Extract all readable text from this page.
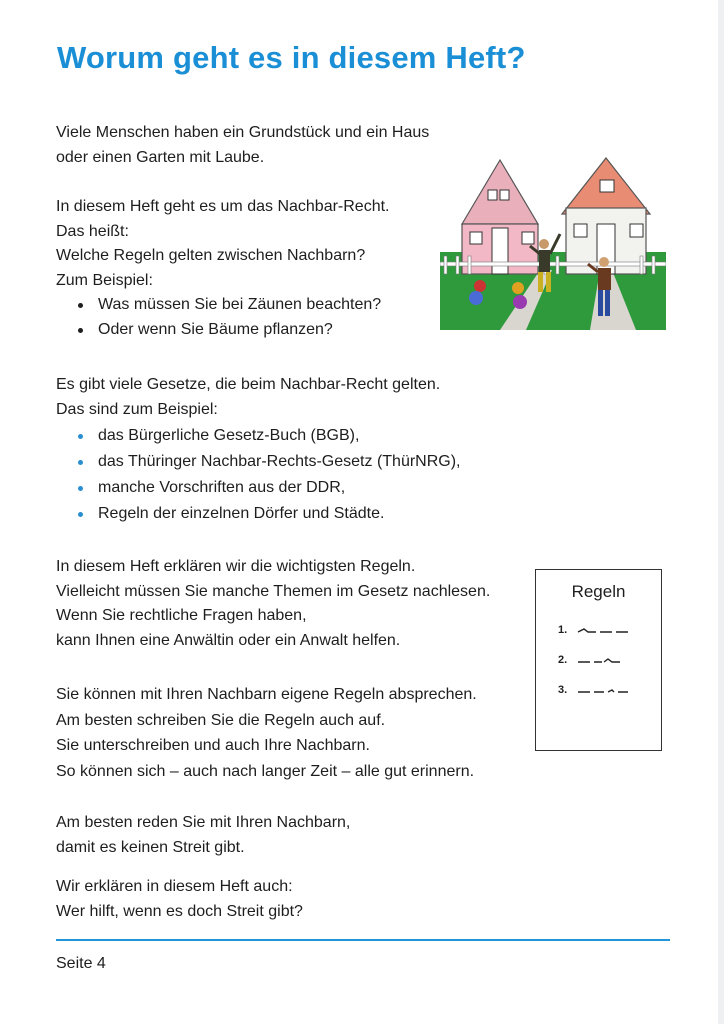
Worum geht es in diesem Heft?
Viele Menschen haben ein Grundstück und ein Haus
oder einen Garten mit Laube.
In diesem Heft geht es um das Nachbar-Recht.
Das heißt:
Welche Regeln gelten zwischen Nachbarn?
Zum Beispiel:
Was müssen Sie bei Zäunen beachten?
Oder wenn Sie Bäume pflanzen?
Es gibt viele Gesetze, die beim Nachbar-Recht gelten.
Das sind zum Beispiel:
das Bürgerliche Gesetz-Buch (BGB),
das Thüringer Nachbar-Rechts-Gesetz (ThürNRG),
manche Vorschriften aus der DDR,
Regeln der einzelnen Dörfer und Städte.
In diesem Heft erklären wir die wichtigsten Regeln.
Vielleicht müssen Sie manche Themen im Gesetz nachlesen.
Wenn Sie rechtliche Fragen haben,
kann Ihnen eine Anwältin oder ein Anwalt helfen.
Sie können mit Ihren Nachbarn eigene Regeln absprechen.
Am besten schreiben Sie die Regeln auch auf.
Sie unterschreiben und auch Ihre Nachbarn.
So können sich – auch nach langer Zeit – alle gut erinnern.
Am besten reden Sie mit Ihren Nachbarn,
damit es keinen Streit gibt.
Wir erklären in diesem Heft auch:
Wer hilft, wenn es doch Streit gibt?
Regeln
1.
2.
3.
Seite 4
